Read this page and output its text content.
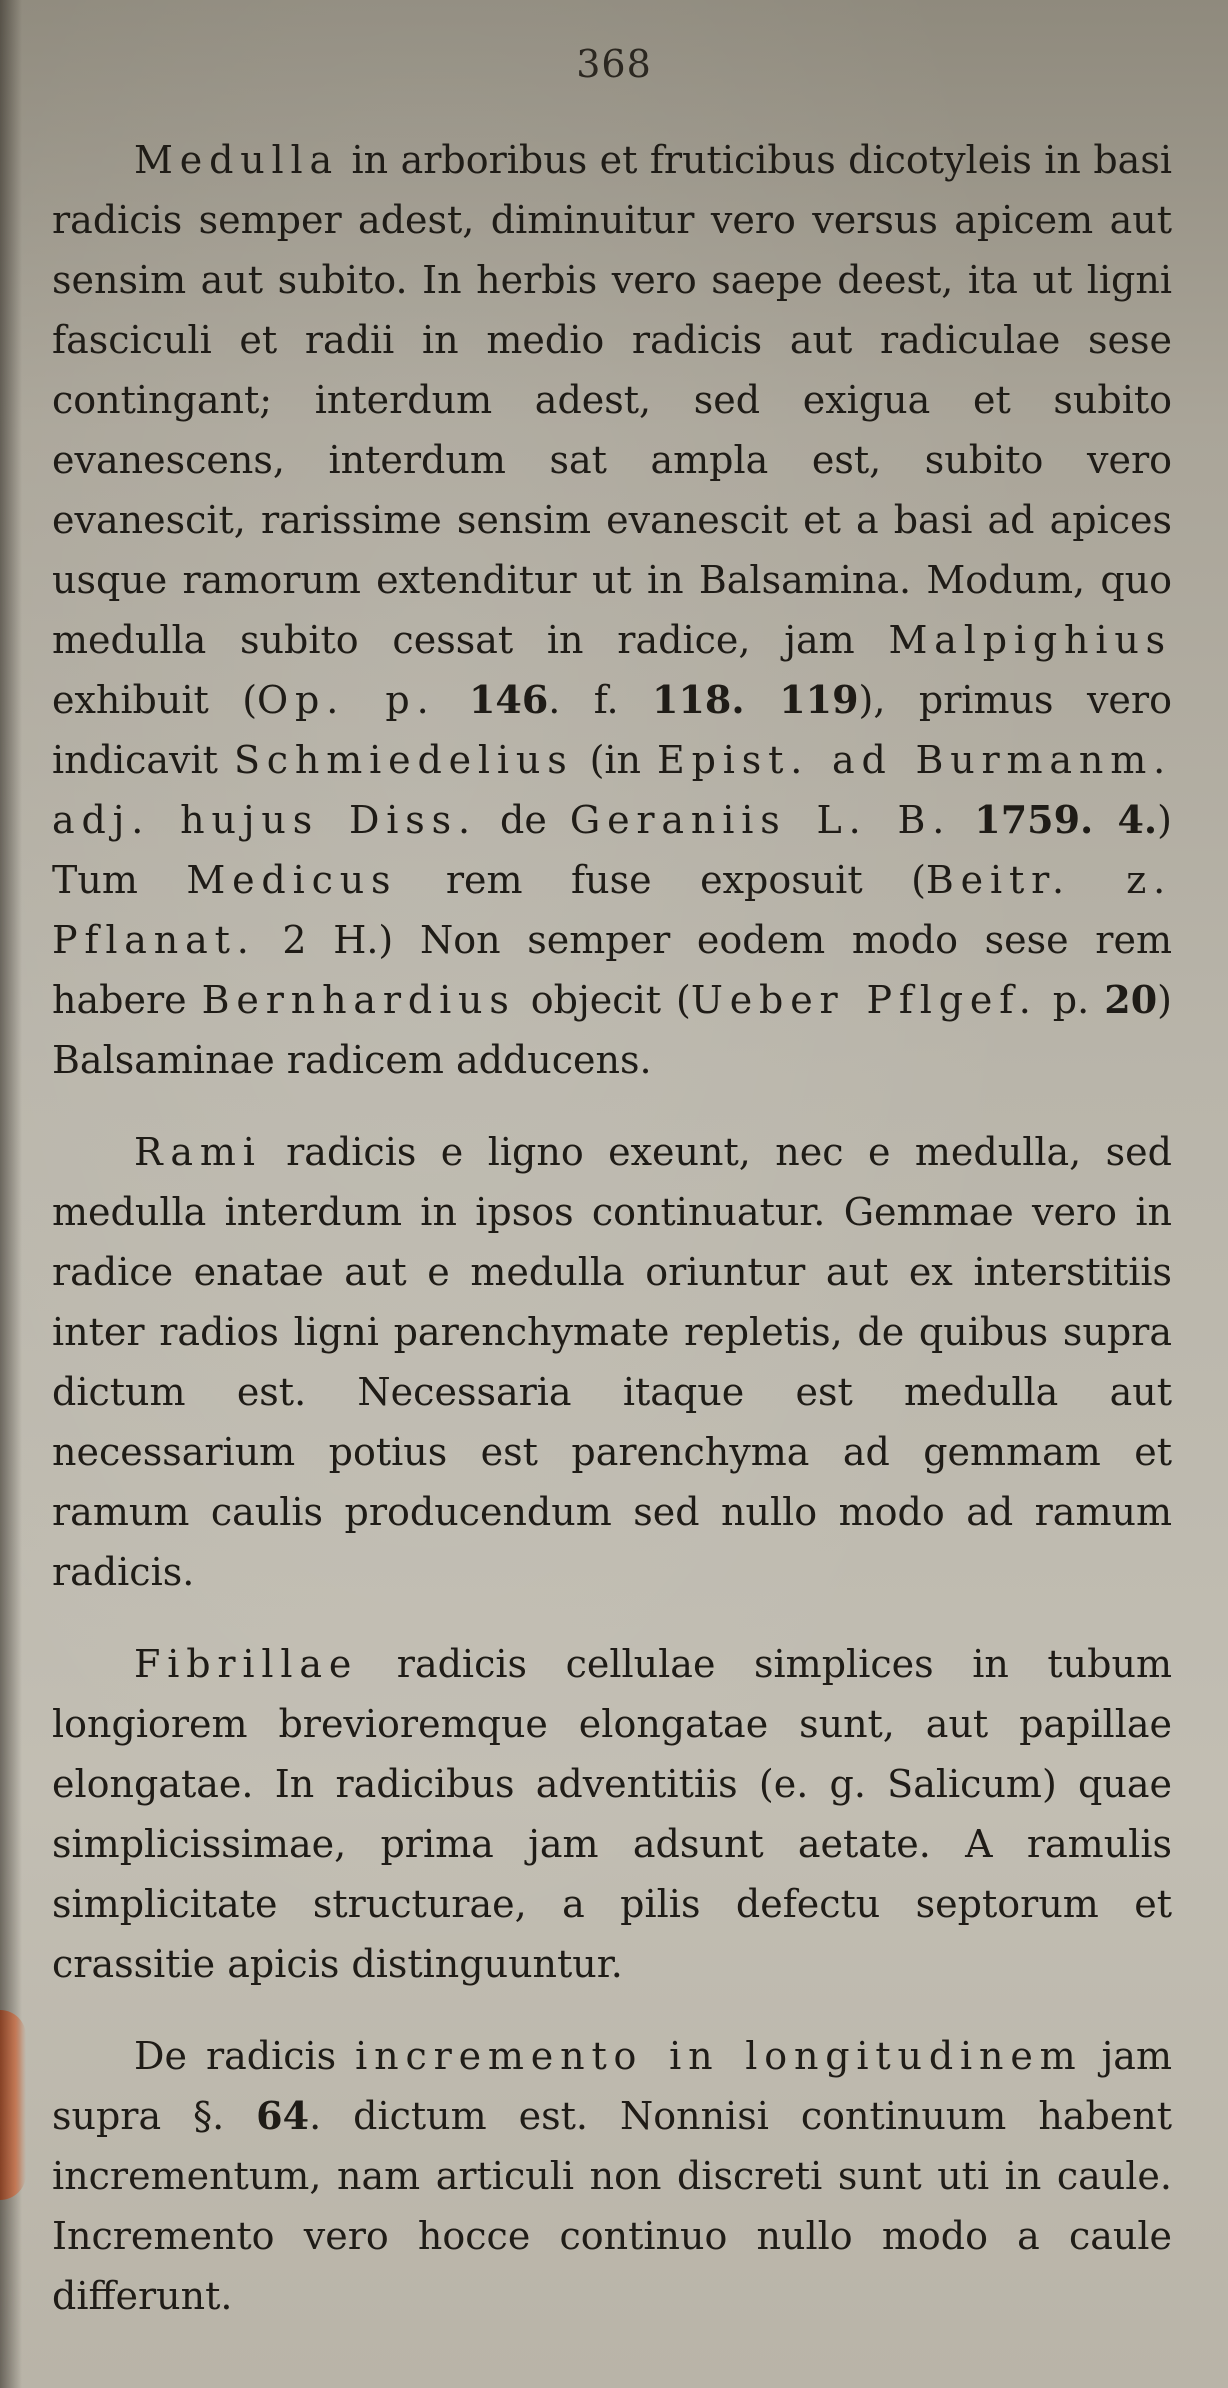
368

Medulla in arboribus et fruticibus dicotyleis in basi radicis semper adest, diminuitur vero versus apicem aut sensim aut subito. In herbis vero saepe deest, ita ut ligni fasciculi et radii in medio radicis aut radiculae sese contingant; interdum adest, sed exigua et subito evanescens, interdum sat ampla est, subito vero evanescit, rarissime sensim evanescit et a basi ad apices usque ramorum extenditur ut in Balsamina. Modum, quo medulla subito cessat in radice, jam Malpighius exhibuit (Op. p. 146. f. 118. 119), primus vero indicavit Schmiedelius (in Epist. ad Burmanm. adj. hujus Diss. de Geraniis L. B. 1759. 4.) Tum Medicus rem fuse exposuit (Beitr. z. Pflanat. 2 H.) Non semper eodem modo sese rem habere Bernhardius objecit (Ueber Pflgef. p. 20) Balsaminae radicem adducens.

Rami radicis e ligno exeunt, nec e medulla, sed medulla interdum in ipsos continuatur. Gemmae vero in radice enatae aut e medulla oriuntur aut ex interstitiis inter radios ligni parenchymate repletis, de quibus supra dictum est. Necessaria itaque est medulla aut necessarium potius est parenchyma ad gemmam et ramum caulis producendum sed nullo modo ad ramum radicis.

Fibrillae radicis cellulae simplices in tubum longiorem brevioremque elongatae sunt, aut papillae elongatae. In radicibus adventitiis (e. g. Salicum) quae simplicissimae, prima jam adsunt aetate. A ramulis simplicitate structurae, a pilis defectu septorum et crassitie apicis distinguuntur.

De radicis incremento in longitudinem jam supra §. 64. dictum est. Nonnisi continuum habent incrementum, nam articuli non discreti sunt uti in caule. Incremento vero hocce continuo nullo modo a caule differunt.
